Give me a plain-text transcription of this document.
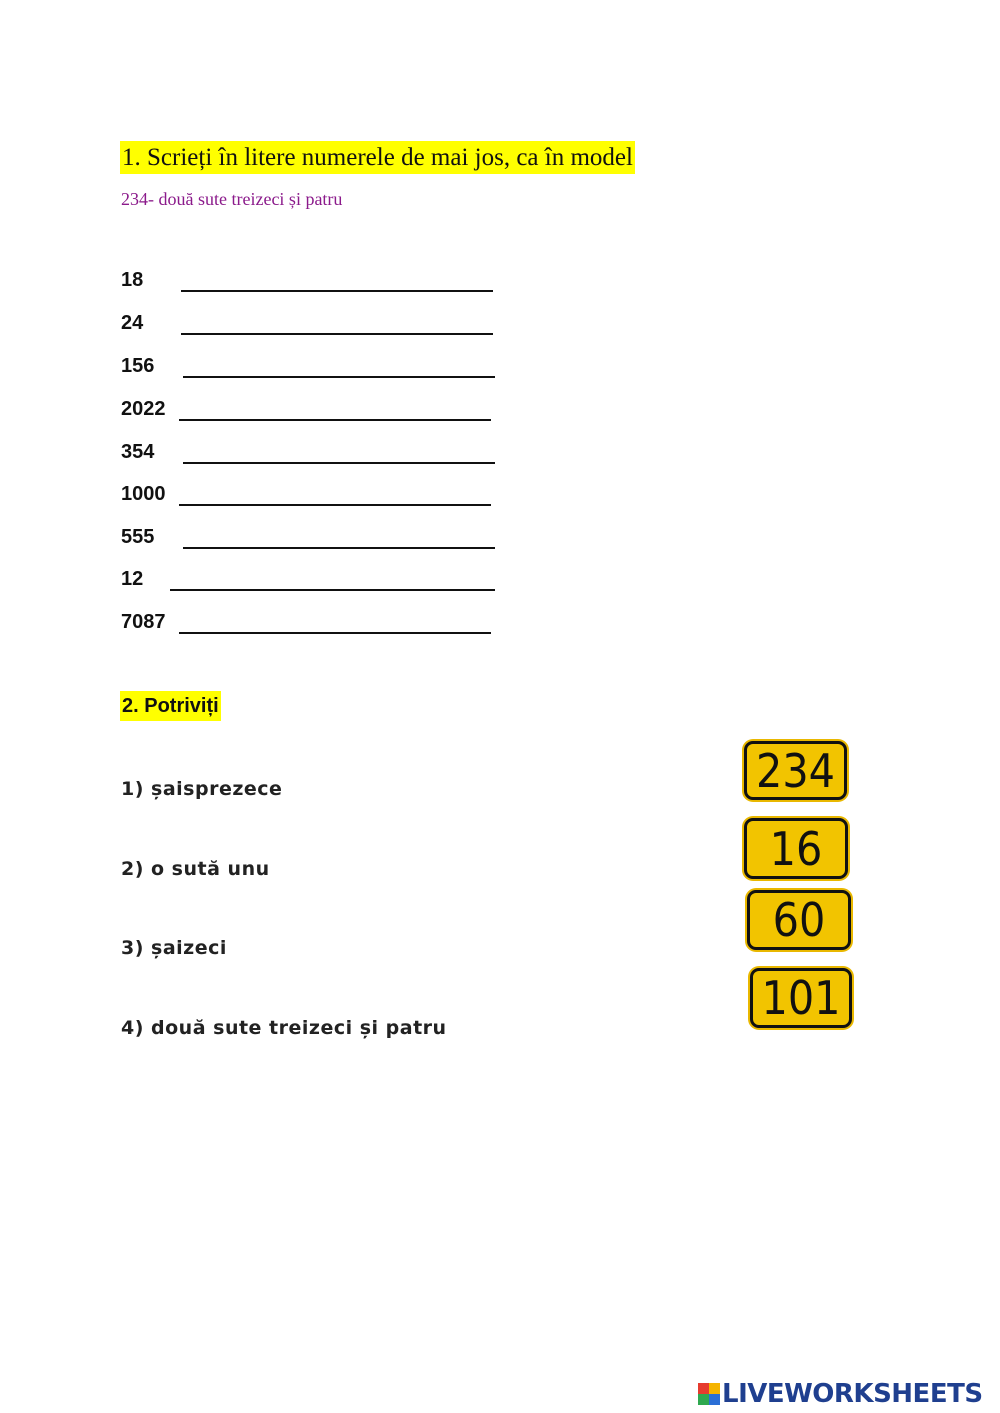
1. Scrieți în litere numerele de mai jos, ca în model
234- două sute treizeci și patru
18
24
156
2022
354
1000
555
12
7087
2. Potriviți
1) șaisprezece
2) o sută unu
3) șaizeci
4) două sute treizeci și patru
234
16
60
101
LIVEWORKSHEETS
